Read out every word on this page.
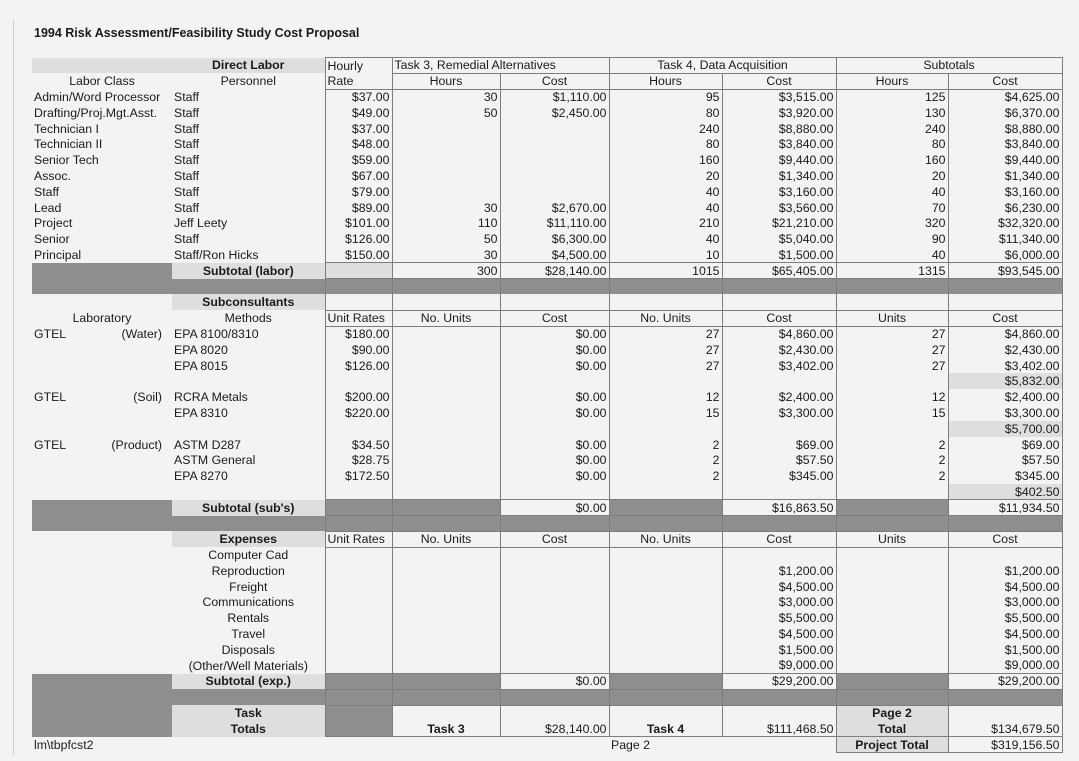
1994 Risk Assessment/Feasibility Study Cost Proposal
	Direct Labor	Hourly	Task 3, Remedial Alternatives		Task 4, Data Acquisition		Subtotals	
Labor Class	Personnel	Rate	Hours	Cost	Hours	Cost	Hours	Cost
Admin/Word Processor	Staff	$37.00	30	$1,110.00	95	$3,515.00	125	$4,625.00
Drafting/Proj.Mgt.Asst.	Staff	$49.00	50	$2,450.00	80	$3,920.00	130	$6,370.00
Technician I	Staff	$37.00			240	$8,880.00	240	$8,880.00
Technician II	Staff	$48.00			80	$3,840.00	80	$3,840.00
Senior Tech	Staff	$59.00			160	$9,440.00	160	$9,440.00
Assoc.	Staff	$67.00			20	$1,340.00	20	$1,340.00
Staff	Staff	$79.00			40	$3,160.00	40	$3,160.00
Lead	Staff	$89.00	30	$2,670.00	40	$3,560.00	70	$6,230.00
Project	Jeff Leety	$101.00	110	$11,110.00	210	$21,210.00	320	$32,320.00
Senior	Staff	$126.00	50	$6,300.00	40	$5,040.00	90	$11,340.00
Principal	Staff/Ron Hicks	$150.00	30	$4,500.00	10	$1,500.00	40	$6,000.00
	Subtotal (labor)		300	$28,140.00	1015	$65,405.00	1315	$93,545.00

	Subconsultants							
Laboratory	Methods	Unit Rates	No. Units	Cost	No. Units	Cost	Units	Cost

GTEL (Water)	EPA 8100/8310	$180.00		$0.00	27	$4,860.00	27	$4,860.00
	EPA 8020	$90.00		$0.00	27	$2,430.00	27	$2,430.00
	EPA 8015	$126.00		$0.00	27	$3,402.00	27	$3,402.00
								$5,832.00

GTEL (Soil)	RCRA Metals	$200.00		$0.00	12	$2,400.00	12	$2,400.00
	EPA 8310	$220.00		$0.00	15	$3,300.00	15	$3,300.00
								$5,700.00

GTEL (Product)	ASTM D287	$34.50		$0.00	2	$69.00	2	$69.00
	ASTM General	$28.75		$0.00	2	$57.50	2	$57.50
	EPA 8270	$172.50		$0.00	2	$345.00	2	$345.00
								$402.50
	Subtotal (sub's)			$0.00		$16,863.50		$11,934.50

	Expenses	Unit Rates	No. Units	Cost	No. Units	Cost	Units	Cost
	Computer Cad							
	Reproduction					$1,200.00		$1,200.00
	Freight					$4,500.00		$4,500.00
	Communications					$3,000.00		$3,000.00
	Rentals					$5,500.00		$5,500.00
	Travel					$4,500.00		$4,500.00
	Disposals					$1,500.00		$1,500.00
	(Other/Well Materials)					$9,000.00		$9,000.00
	Subtotal (exp.)			$0.00		$29,200.00		$29,200.00

	Task						Page 2	
	Totals		Task 3	$28,140.00	Task 4	$111,468.50	Total	$134,679.50
lm\tbpfcst2					Page 2		Project Total	$319,156.50
